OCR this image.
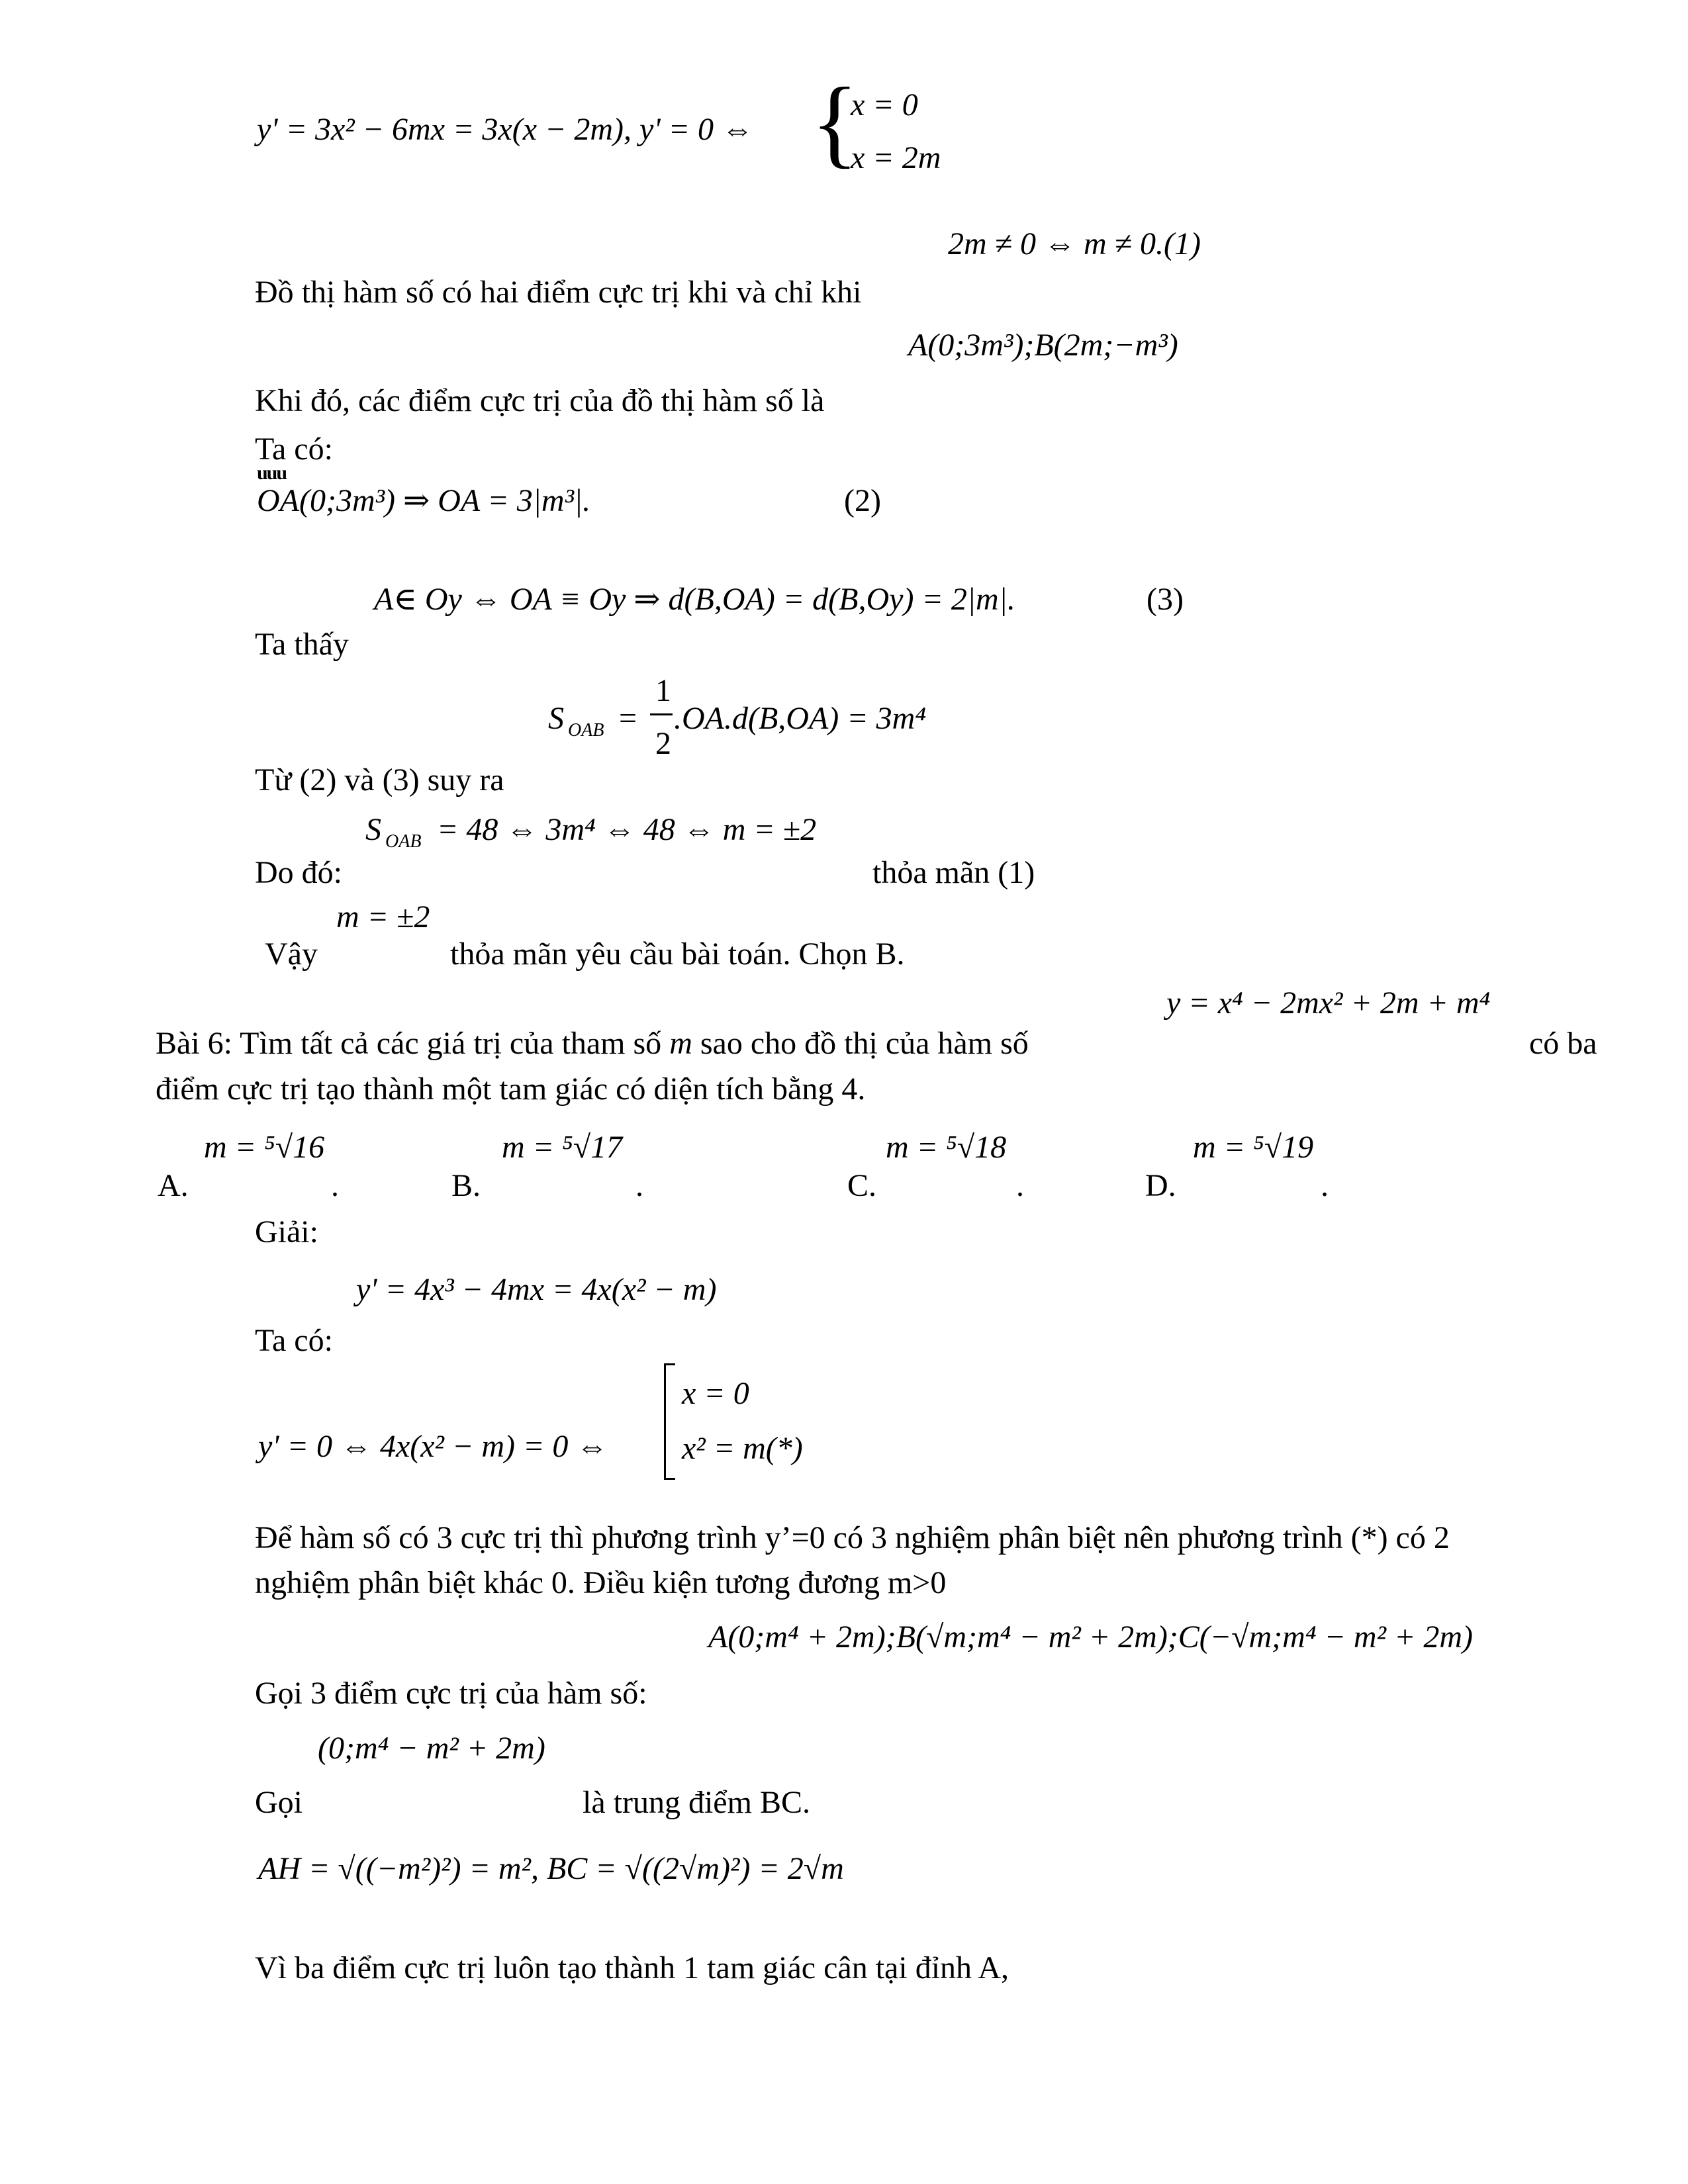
y' = 3x² − 6mx = 3x(x − 2m), y' = 0 ⇔ {
x = 0
x = 2m
2m ≠ 0 ⇔ m ≠ 0.(1)
Đồ thị hàm số có hai điểm cực trị khi và chỉ khi
A(0;3m³);B(2m;−m³)
Khi đó, các điểm cực trị của đồ thị hàm số là
Ta có:
uuu
OA(0;3m³) ⇒ OA = 3|m³|.	(2)
A∈ Oy ⇔ OA ≡ Oy ⇒ d(B,OA) = d(B,Oy) = 2|m|.	(3)
Ta thấy
S OAB =
1
2
.OA.d(B,OA) = 3m⁴
Từ (2) và (3) suy ra
S OAB = 48 ⇔ 3m⁴ ⇔ 48 ⇔ m = ±2
Do đó:	thỏa mãn (1)
m = ±2
Vậy	thỏa mãn yêu cầu bài toán. Chọn B.
y = x⁴ − 2mx² + 2m + m⁴
Bài 6: Tìm tất cả các giá trị của tham số m sao cho đồ thị của hàm số	có ba
điểm cực trị tạo thành một tam giác có diện tích bằng 4.
m = ⁵√16
A.	.
m = ⁵√17
B.	.
m = ⁵√18
C.	.
m = ⁵√19
D.	.
Giải:
y' = 4x³ − 4mx = 4x(x² − m)
Ta có:
y' = 0 ⇔ 4x(x² − m) = 0 ⇔
x = 0
x² = m(*)
Để hàm số có 3 cực trị thì phương trình y’=0 có 3 nghiệm phân biệt nên phương trình (*) có 2
nghiệm phân biệt khác 0. Điều kiện tương đương m>0
A(0;m⁴ + 2m);B(√m;m⁴ − m² + 2m);C(−√m;m⁴ − m² + 2m)
Gọi 3 điểm cực trị của hàm số:
(0;m⁴ − m² + 2m)
Gọi	là trung điểm BC.
AH = √((−m²)²) = m², BC = √((2√m)²) = 2√m
Vì ba điểm cực trị luôn tạo thành 1 tam giác cân tại đỉnh A,
